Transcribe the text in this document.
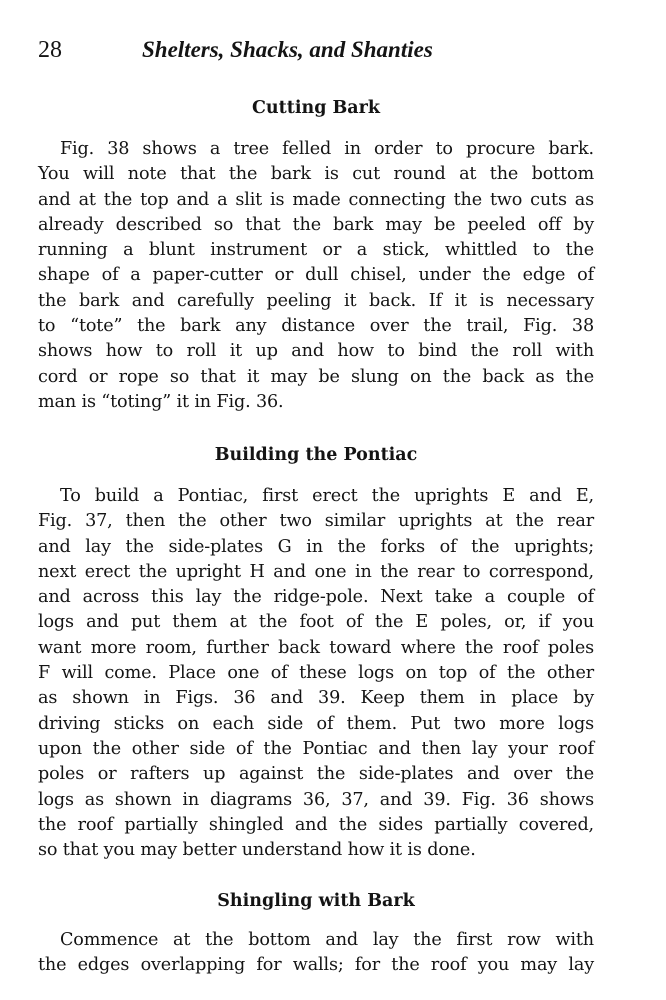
28	Shelters, Shacks, and Shanties
Cutting Bark
Fig. 38 shows a tree felled in order to procure bark.
You will note that the bark is cut round at the bottom
and at the top and a slit is made connecting the two cuts as
already described so that the bark may be peeled off by
running a blunt instrument or a stick, whittled to the
shape of a paper-cutter or dull chisel, under the edge of
the bark and carefully peeling it back. If it is necessary
to “tote” the bark any distance over the trail, Fig. 38
shows how to roll it up and how to bind the roll with
cord or rope so that it may be slung on the back as the
man is “toting” it in Fig. 36.
Building the Pontiac
To build a Pontiac, first erect the uprights E and E,
Fig. 37, then the other two similar uprights at the rear
and lay the side-plates G in the forks of the uprights;
next erect the upright H and one in the rear to correspond,
and across this lay the ridge-pole. Next take a couple of
logs and put them at the foot of the E poles, or, if you
want more room, further back toward where the roof poles
F will come. Place one of these logs on top of the other
as shown in Figs. 36 and 39. Keep them in place by
driving sticks on each side of them. Put two more logs
upon the other side of the Pontiac and then lay your roof
poles or rafters up against the side-plates and over the
logs as shown in diagrams 36, 37, and 39. Fig. 36 shows
the roof partially shingled and the sides partially covered,
so that you may better understand how it is done.
Shingling with Bark
Commence at the bottom and lay the first row with
the edges overlapping for walls; for the roof you may lay
